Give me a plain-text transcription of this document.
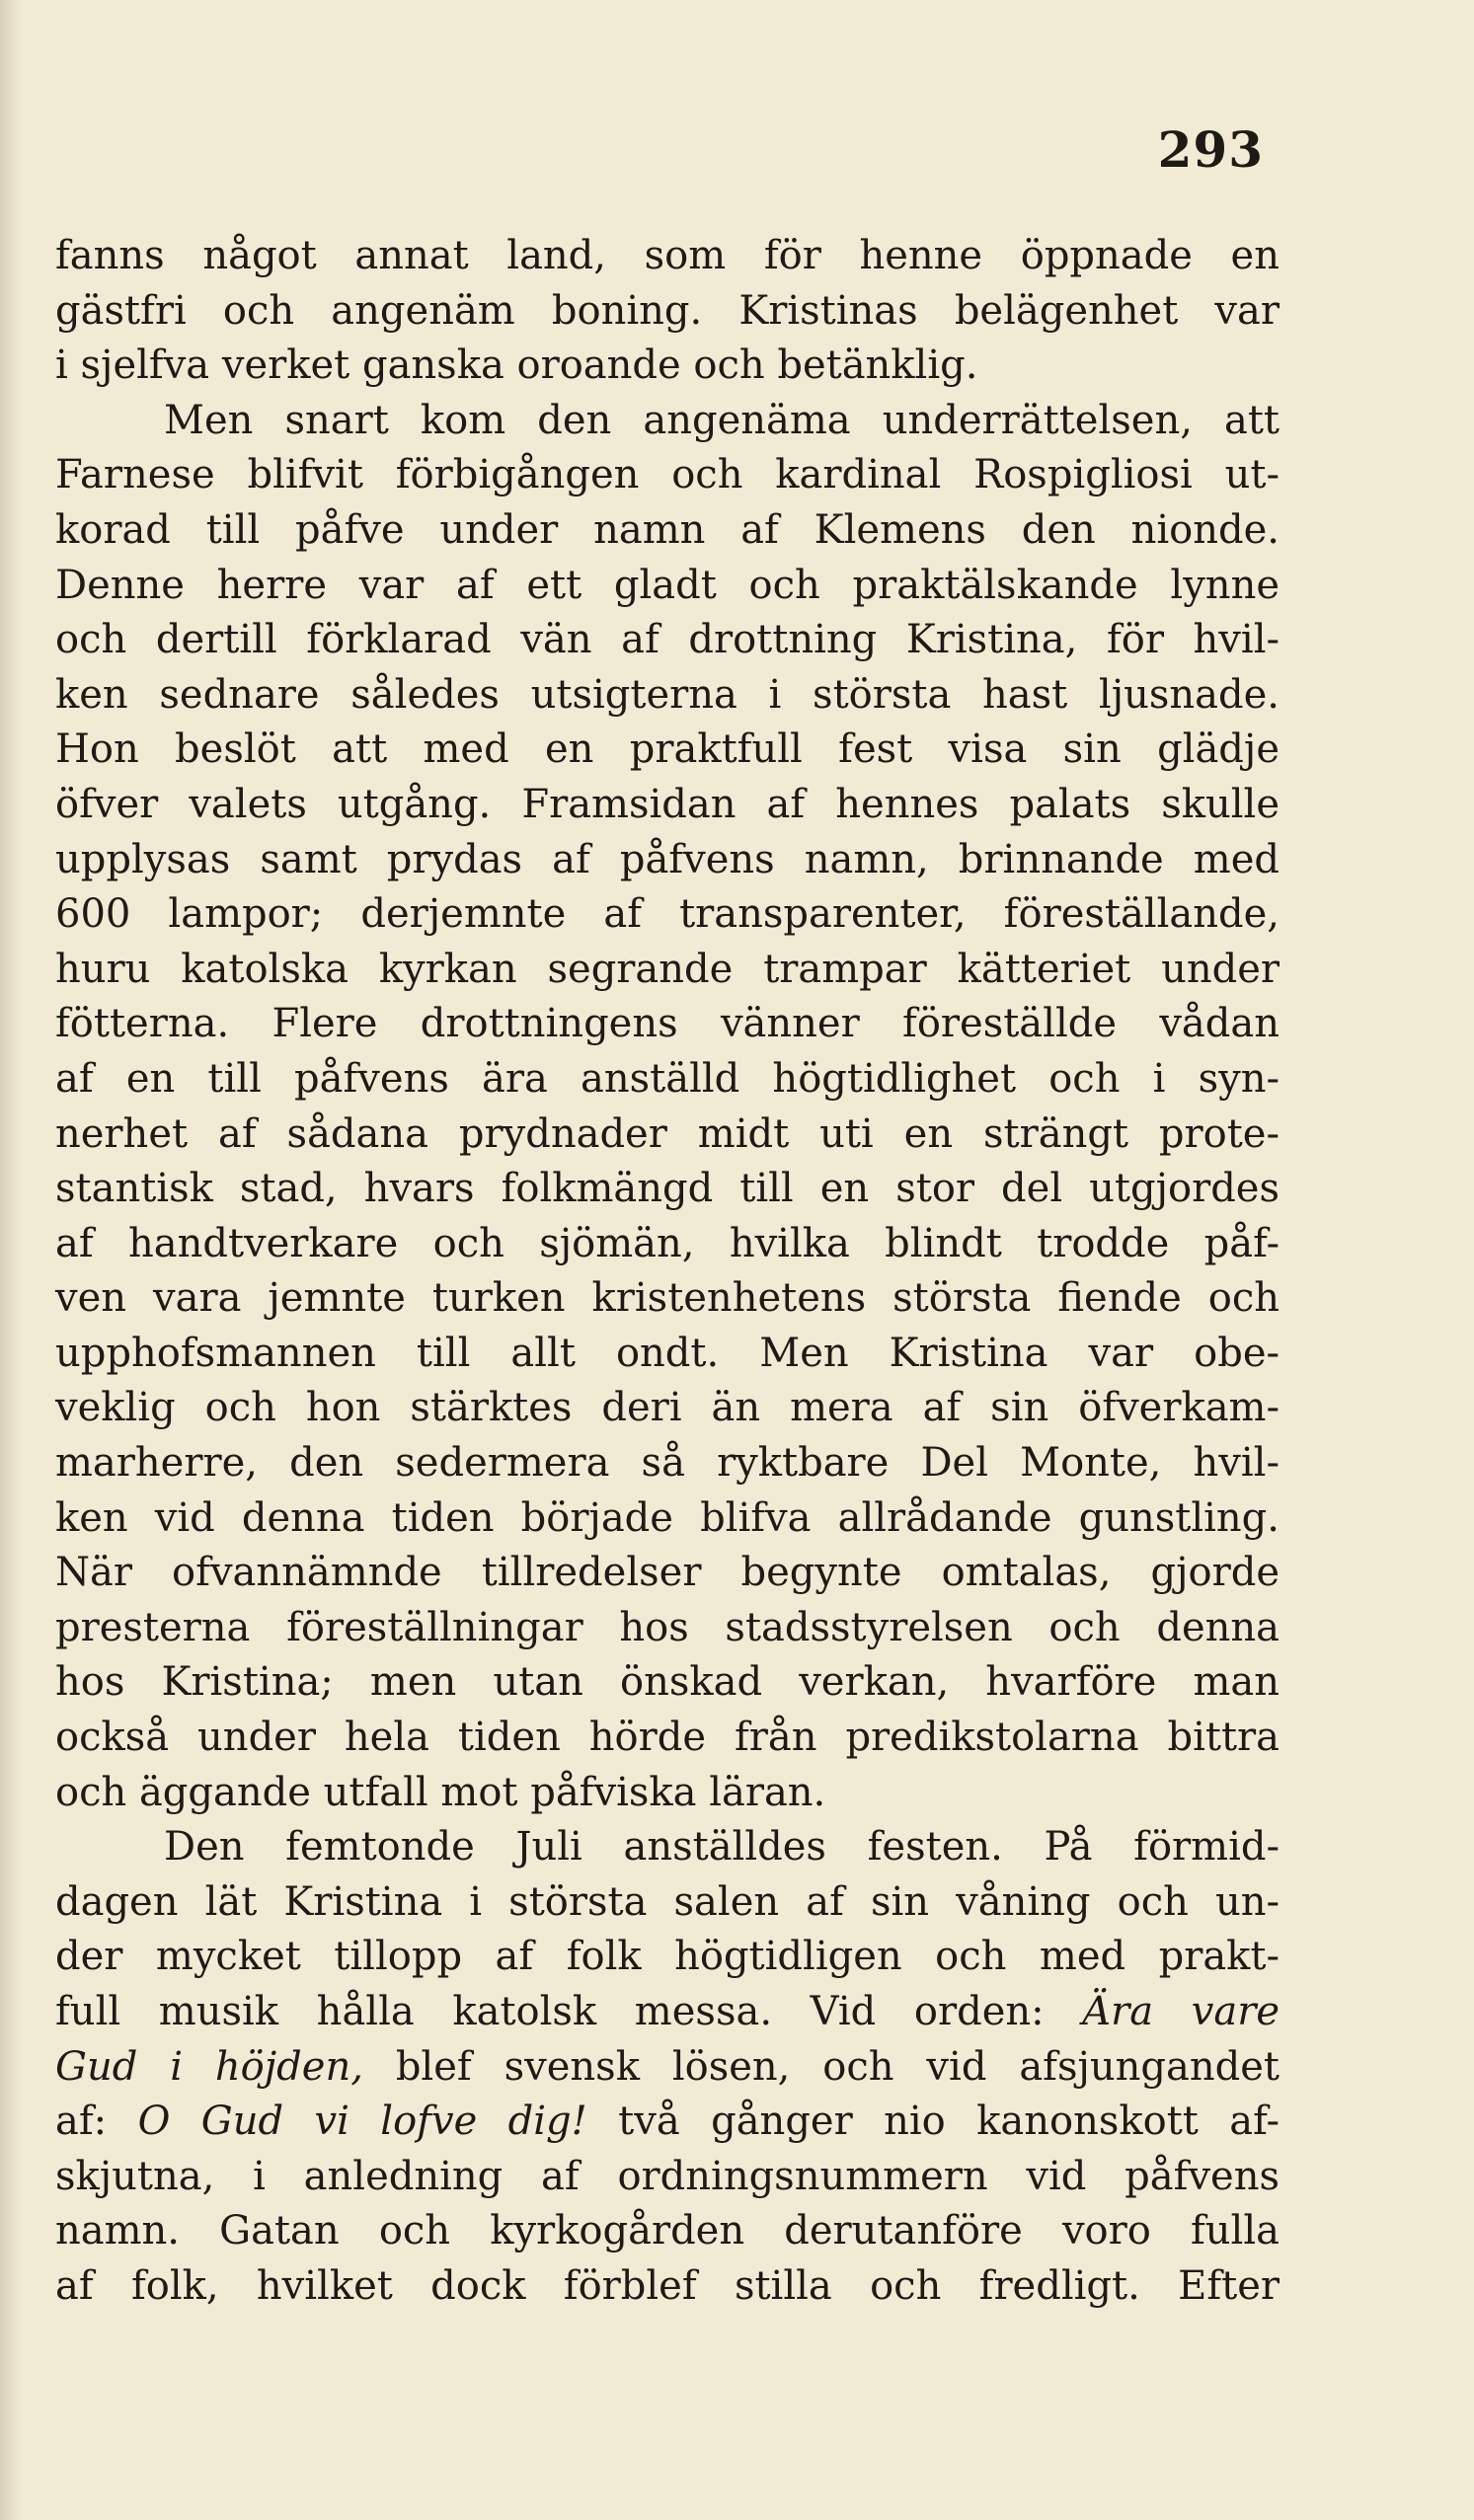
293
fanns något annat land, som för henne öppnade en
gästfri och angenäm boning. Kristinas belägenhet var
i sjelfva verket ganska oroande och betänklig.
Men snart kom den angenäma underrättelsen, att
Farnese blifvit förbigången och kardinal Rospigliosi ut-
korad till påfve under namn af Klemens den nionde.
Denne herre var af ett gladt och praktälskande lynne
och dertill förklarad vän af drottning Kristina, för hvil-
ken sednare således utsigterna i största hast ljusnade.
Hon beslöt att med en praktfull fest visa sin glädje
öfver valets utgång. Framsidan af hennes palats skulle
upplysas samt prydas af påfvens namn, brinnande med
600 lampor; derjemnte af transparenter, föreställande,
huru katolska kyrkan segrande trampar kätteriet under
fötterna. Flere drottningens vänner föreställde vådan
af en till påfvens ära anställd högtidlighet och i syn-
nerhet af sådana prydnader midt uti en strängt prote-
stantisk stad, hvars folkmängd till en stor del utgjordes
af handtverkare och sjömän, hvilka blindt trodde påf-
ven vara jemnte turken kristenhetens största fiende och
upphofsmannen till allt ondt. Men Kristina var obe-
veklig och hon stärktes deri än mera af sin öfverkam-
marherre, den sedermera så ryktbare Del Monte, hvil-
ken vid denna tiden började blifva allrådande gunstling.
När ofvannämnde tillredelser begynte omtalas, gjorde
presterna föreställningar hos stadsstyrelsen och denna
hos Kristina; men utan önskad verkan, hvarföre man
också under hela tiden hörde från predikstolarna bittra
och äggande utfall mot påfviska läran.
Den femtonde Juli anställdes festen. På förmid-
dagen lät Kristina i största salen af sin våning och un-
der mycket tillopp af folk högtidligen och med prakt-
full musik hålla katolsk messa. Vid orden: Ära vare
Gud i höjden, blef svensk lösen, och vid afsjungandet
af: O Gud vi lofve dig! två gånger nio kanonskott af-
skjutna, i anledning af ordningsnummern vid påfvens
namn. Gatan och kyrkogården derutanföre voro fulla
af folk, hvilket dock förblef stilla och fredligt. Efter
